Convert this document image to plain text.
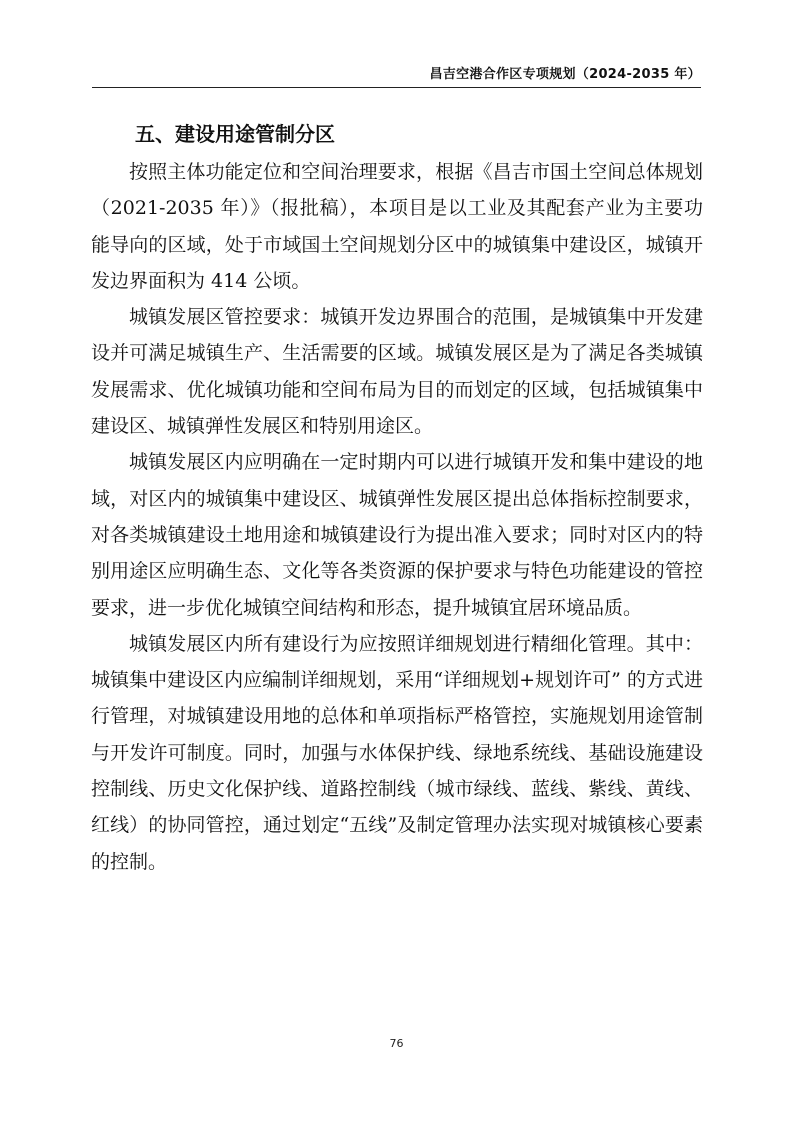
昌吉空港合作区专项规划（2024-2035 年）
五、建设用途管制分区

按照主体功能定位和空间治理要求，根据《昌吉市国土空间总体规划（2021-2035 年）》（报批稿），本项目是以工业及其配套产业为主要功能导向的区域，处于市域国土空间规划分区中的城镇集中建设区，城镇开发边界面积为 414 公顷。

城镇发展区管控要求：城镇开发边界围合的范围，是城镇集中开发建设并可满足城镇生产、生活需要的区域。城镇发展区是为了满足各类城镇发展需求、优化城镇功能和空间布局为目的而划定的区域，包括城镇集中建设区、城镇弹性发展区和特别用途区。

城镇发展区内应明确在一定时期内可以进行城镇开发和集中建设的地域，对区内的城镇集中建设区、城镇弹性发展区提出总体指标控制要求，对各类城镇建设土地用途和城镇建设行为提出准入要求；同时对区内的特别用途区应明确生态、文化等各类资源的保护要求与特色功能建设的管控要求，进一步优化城镇空间结构和形态，提升城镇宜居环境品质。

城镇发展区内所有建设行为应按照详细规划进行精细化管理。其中：城镇集中建设区内应编制详细规划，采用“详细规划+规划许可” 的方式进行管理，对城镇建设用地的总体和单项指标严格管控，实施规划用途管制与开发许可制度。同时，加强与水体保护线、绿地系统线、基础设施建设控制线、历史文化保护线、道路控制线（城市绿线、蓝线、紫线、黄线、红线）的协同管控，通过划定“五线”及制定管理办法实现对城镇核心要素的控制。

76
